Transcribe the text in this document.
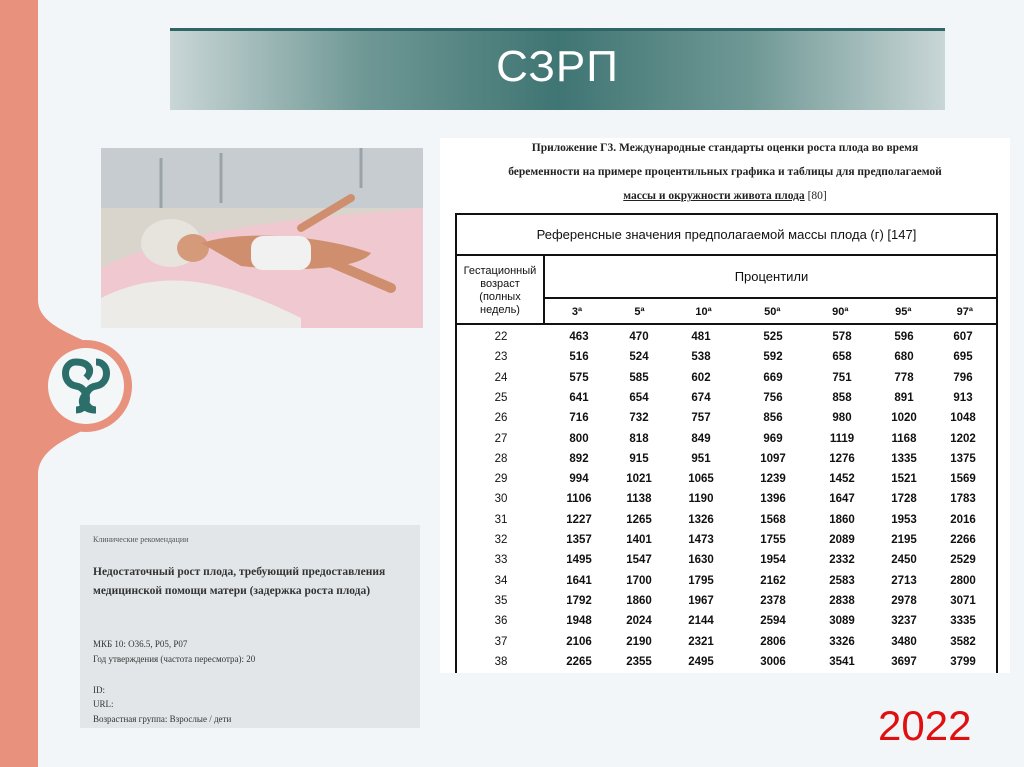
СЗРП
Приложение Г3. Международные стандарты оценки роста плода во время
беременности на примере процентильных графика и таблицы для предполагаемой
массы и окружности живота плода [80]
Референсные значения предполагаемой массы плода (г) [147]
Гестационный
возраст
(полных
недель)
Процентили
3ª	5ª	10ª	50ª	90ª	95ª	97ª
22	463	470	481	525	578	596	607
23	516	524	538	592	658	680	695
24	575	585	602	669	751	778	796
25	641	654	674	756	858	891	913
26	716	732	757	856	980	1020	1048
27	800	818	849	969	1119	1168	1202
28	892	915	951	1097	1276	1335	1375
29	994	1021	1065	1239	1452	1521	1569
30	1106	1138	1190	1396	1647	1728	1783
31	1227	1265	1326	1568	1860	1953	2016
32	1357	1401	1473	1755	2089	2195	2266
33	1495	1547	1630	1954	2332	2450	2529
34	1641	1700	1795	2162	2583	2713	2800
35	1792	1860	1967	2378	2838	2978	3071
36	1948	2024	2144	2594	3089	3237	3335
37	2106	2190	2321	2806	3326	3480	3582
38	2265	2355	2495	3006	3541	3697	3799
Клинические рекомендации
Недостаточный рост плода, требующий предоставления медицинской помощи матери (задержка роста плода)
МКБ 10: О36.5, Р05, Р07
Год утверждения (частота пересмотра): 20
ID:
URL:
Возрастная группа: Взрослые / дети	2022
